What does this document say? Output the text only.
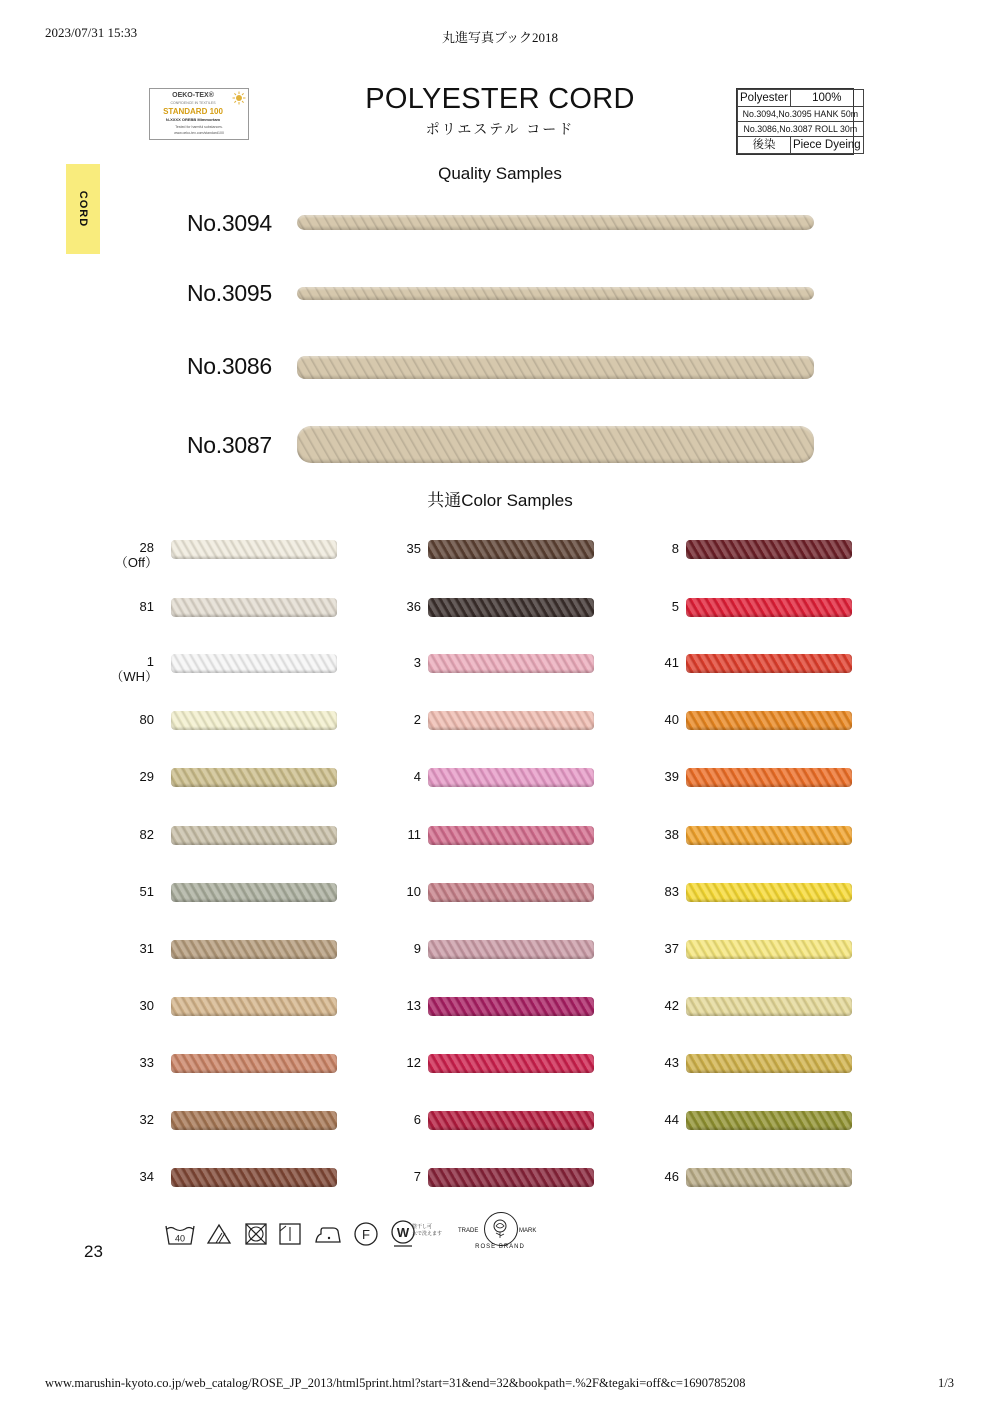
2023/07/31 15:33	丸進写真ブック2018
CORD
OEKO-TEX®
CONFIDENCE IN TEXTILES
STANDARD 100
N-XXXX OREBB Mimmortam
Tested for harmful substances.
www.oeko-tex.com/standard100
POLYESTER CORD
ポリエステル コード
Polyester	100%
No.3094,No.3095 HANK 50m	
No.3086,No.3087 ROLL 30m	
後染	Piece Dyeing
Quality Samples
No.3094
No.3095
No.3086
No.3087
共通Color Samples
28
（Off）
81
1
（WH）
80
29
82
51
31
30
33
32
34
35
36
3
2
4
11
10
9
13
12
6
7
8
5
41
40
39
38
83
37
42
43
44
46
40
	F
W 陰干し可
水で洗えます	TRADE	MARK
ROSE BRAND
23
www.marushin-kyoto.co.jp/web_catalog/ROSE_JP_2013/html5print.html?start=31&end=32&bookpath=.%2F&tegaki=off&c=1690785208	1/3
